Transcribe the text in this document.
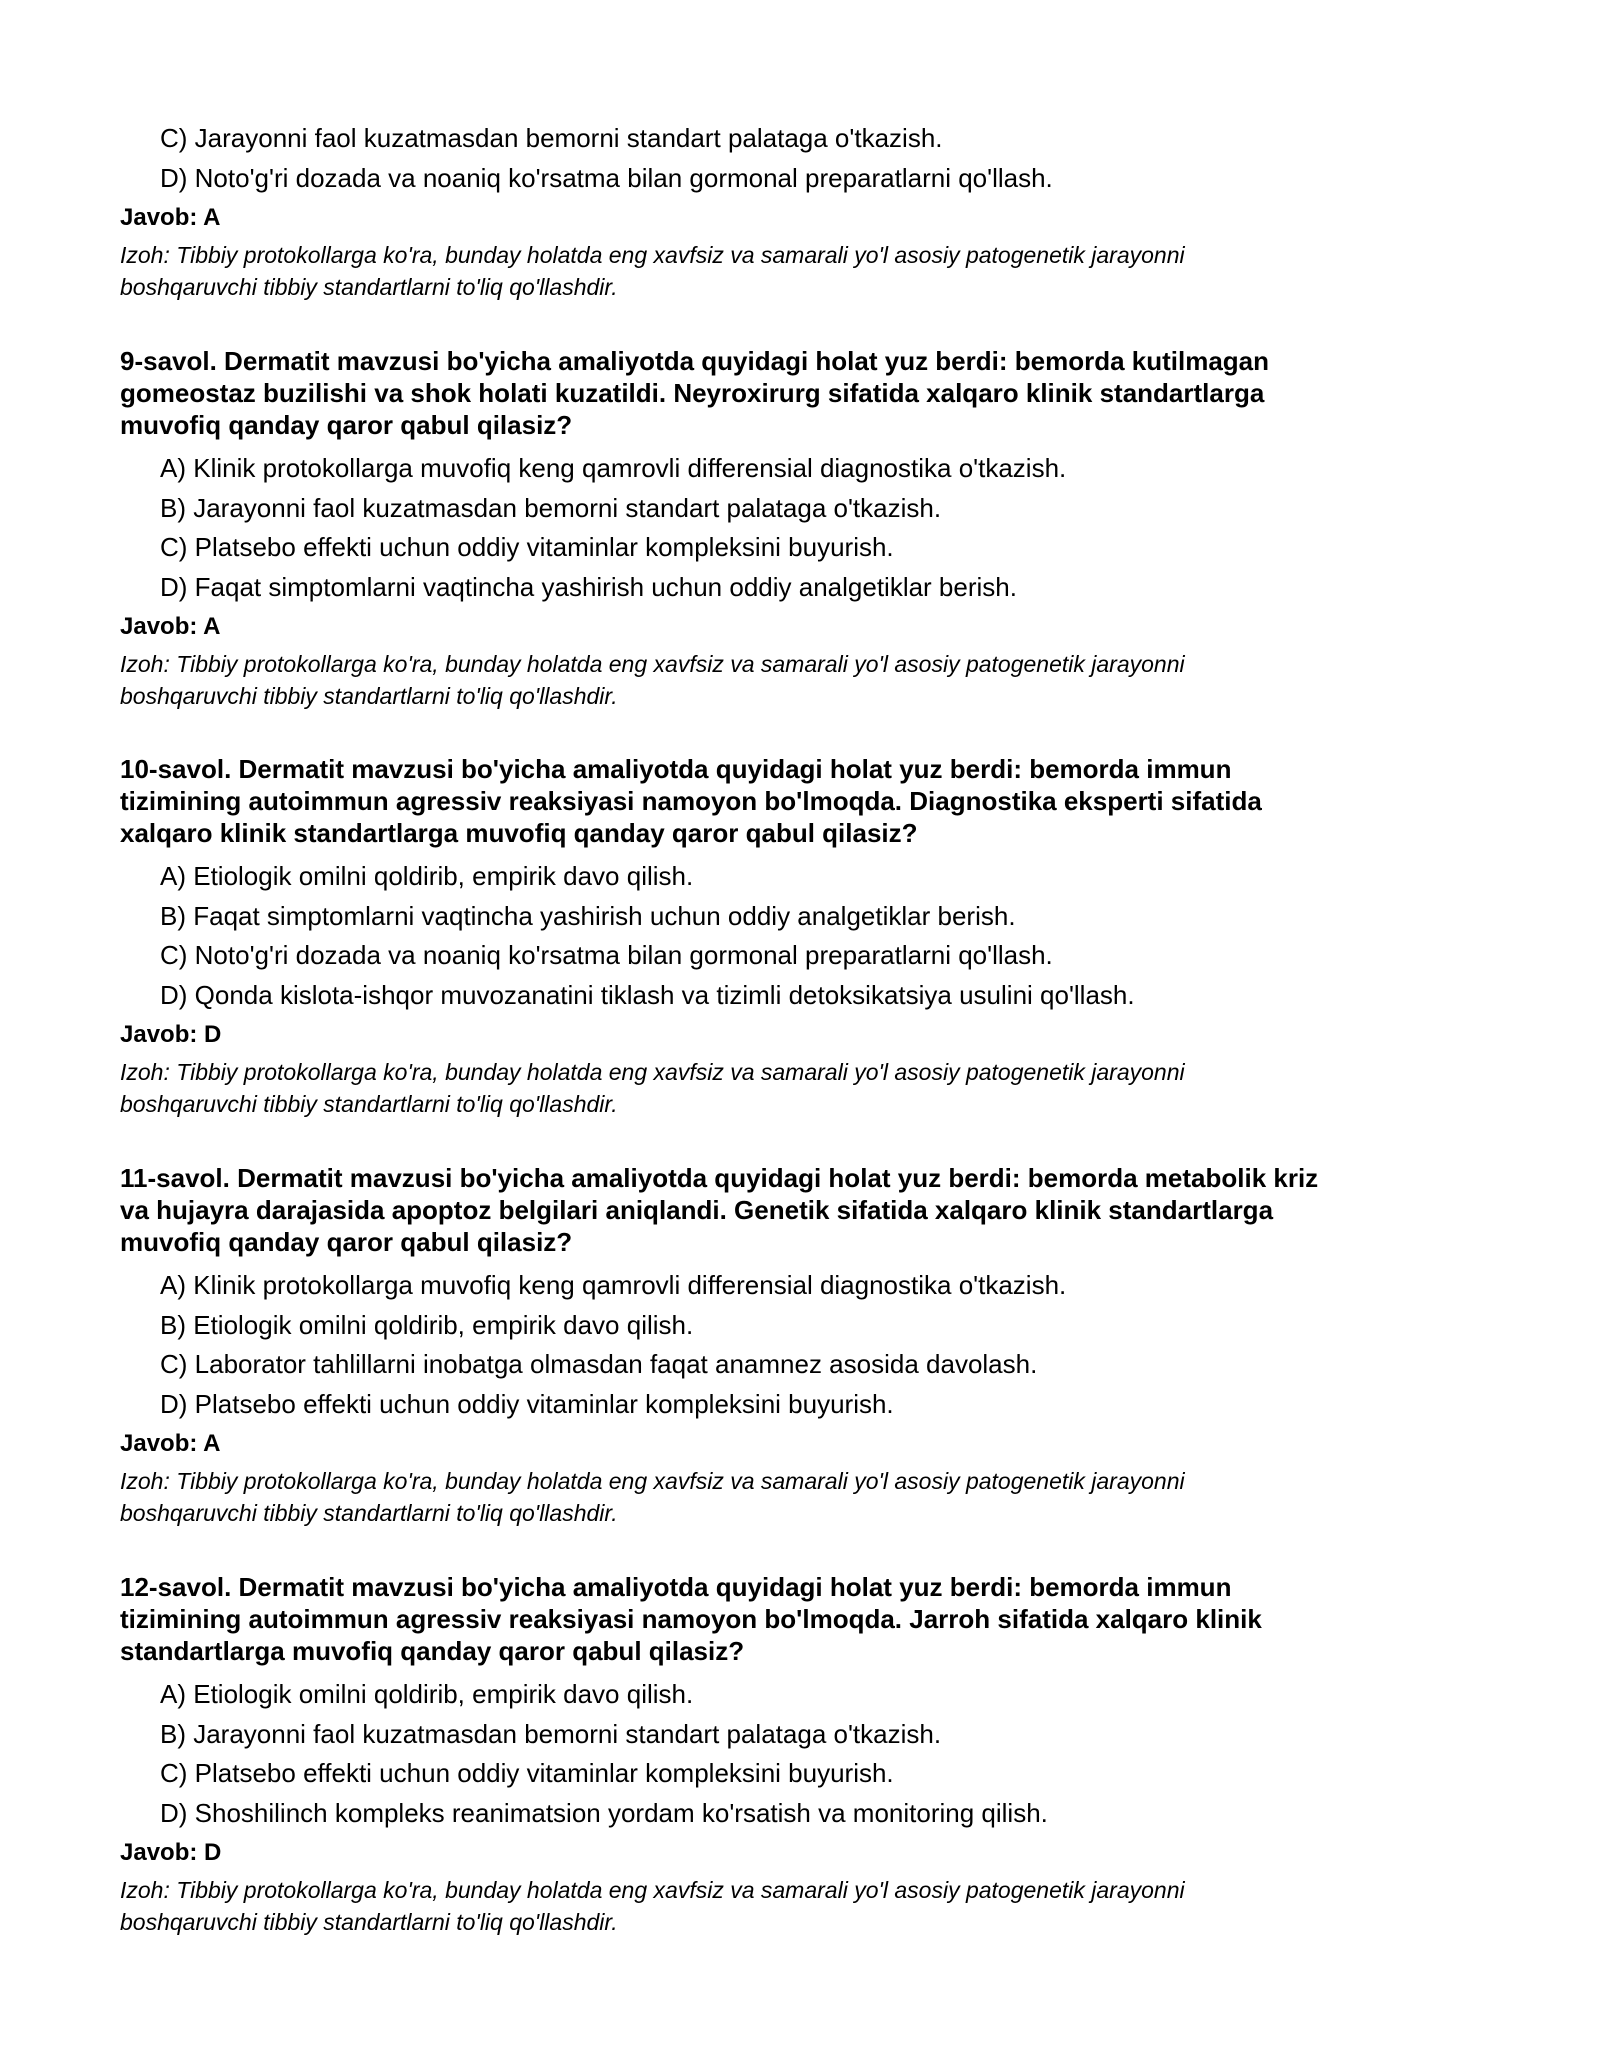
C) Jarayonni faol kuzatmasdan bemorni standart palataga o'tkazish.

D) Noto'g'ri dozada va noaniq ko'rsatma bilan gormonal preparatlarni qo'llash.

Javob: A

Izoh: Tibbiy protokollarga ko'ra, bunday holatda eng xavfsiz va samarali yo'l asosiy patogenetik jarayonni
boshqaruvchi tibbiy standartlarni to'liq qo'llashdir.

9-savol. Dermatit mavzusi bo'yicha amaliyotda quyidagi holat yuz berdi: bemorda kutilmagan
gomeostaz buzilishi va shok holati kuzatildi. Neyroxirurg sifatida xalqaro klinik standartlarga
muvofiq qanday qaror qabul qilasiz?

A) Klinik protokollarga muvofiq keng qamrovli differensial diagnostika o'tkazish.

B) Jarayonni faol kuzatmasdan bemorni standart palataga o'tkazish.

C) Platsebo effekti uchun oddiy vitaminlar kompleksini buyurish.

D) Faqat simptomlarni vaqtincha yashirish uchun oddiy analgetiklar berish.

Javob: A

Izoh: Tibbiy protokollarga ko'ra, bunday holatda eng xavfsiz va samarali yo'l asosiy patogenetik jarayonni
boshqaruvchi tibbiy standartlarni to'liq qo'llashdir.

10-savol. Dermatit mavzusi bo'yicha amaliyotda quyidagi holat yuz berdi: bemorda immun
tizimining autoimmun agressiv reaksiyasi namoyon bo'lmoqda. Diagnostika eksperti sifatida
xalqaro klinik standartlarga muvofiq qanday qaror qabul qilasiz?

A) Etiologik omilni qoldirib, empirik davo qilish.

B) Faqat simptomlarni vaqtincha yashirish uchun oddiy analgetiklar berish.

C) Noto'g'ri dozada va noaniq ko'rsatma bilan gormonal preparatlarni qo'llash.

D) Qonda kislota-ishqor muvozanatini tiklash va tizimli detoksikatsiya usulini qo'llash.

Javob: D

Izoh: Tibbiy protokollarga ko'ra, bunday holatda eng xavfsiz va samarali yo'l asosiy patogenetik jarayonni
boshqaruvchi tibbiy standartlarni to'liq qo'llashdir.

11-savol. Dermatit mavzusi bo'yicha amaliyotda quyidagi holat yuz berdi: bemorda metabolik kriz
va hujayra darajasida apoptoz belgilari aniqlandi. Genetik sifatida xalqaro klinik standartlarga
muvofiq qanday qaror qabul qilasiz?

A) Klinik protokollarga muvofiq keng qamrovli differensial diagnostika o'tkazish.

B) Etiologik omilni qoldirib, empirik davo qilish.

C) Laborator tahlillarni inobatga olmasdan faqat anamnez asosida davolash.

D) Platsebo effekti uchun oddiy vitaminlar kompleksini buyurish.

Javob: A

Izoh: Tibbiy protokollarga ko'ra, bunday holatda eng xavfsiz va samarali yo'l asosiy patogenetik jarayonni
boshqaruvchi tibbiy standartlarni to'liq qo'llashdir.

12-savol. Dermatit mavzusi bo'yicha amaliyotda quyidagi holat yuz berdi: bemorda immun
tizimining autoimmun agressiv reaksiyasi namoyon bo'lmoqda. Jarroh sifatida xalqaro klinik
standartlarga muvofiq qanday qaror qabul qilasiz?

A) Etiologik omilni qoldirib, empirik davo qilish.

B) Jarayonni faol kuzatmasdan bemorni standart palataga o'tkazish.

C) Platsebo effekti uchun oddiy vitaminlar kompleksini buyurish.

D) Shoshilinch kompleks reanimatsion yordam ko'rsatish va monitoring qilish.

Javob: D

Izoh: Tibbiy protokollarga ko'ra, bunday holatda eng xavfsiz va samarali yo'l asosiy patogenetik jarayonni
boshqaruvchi tibbiy standartlarni to'liq qo'llashdir.
